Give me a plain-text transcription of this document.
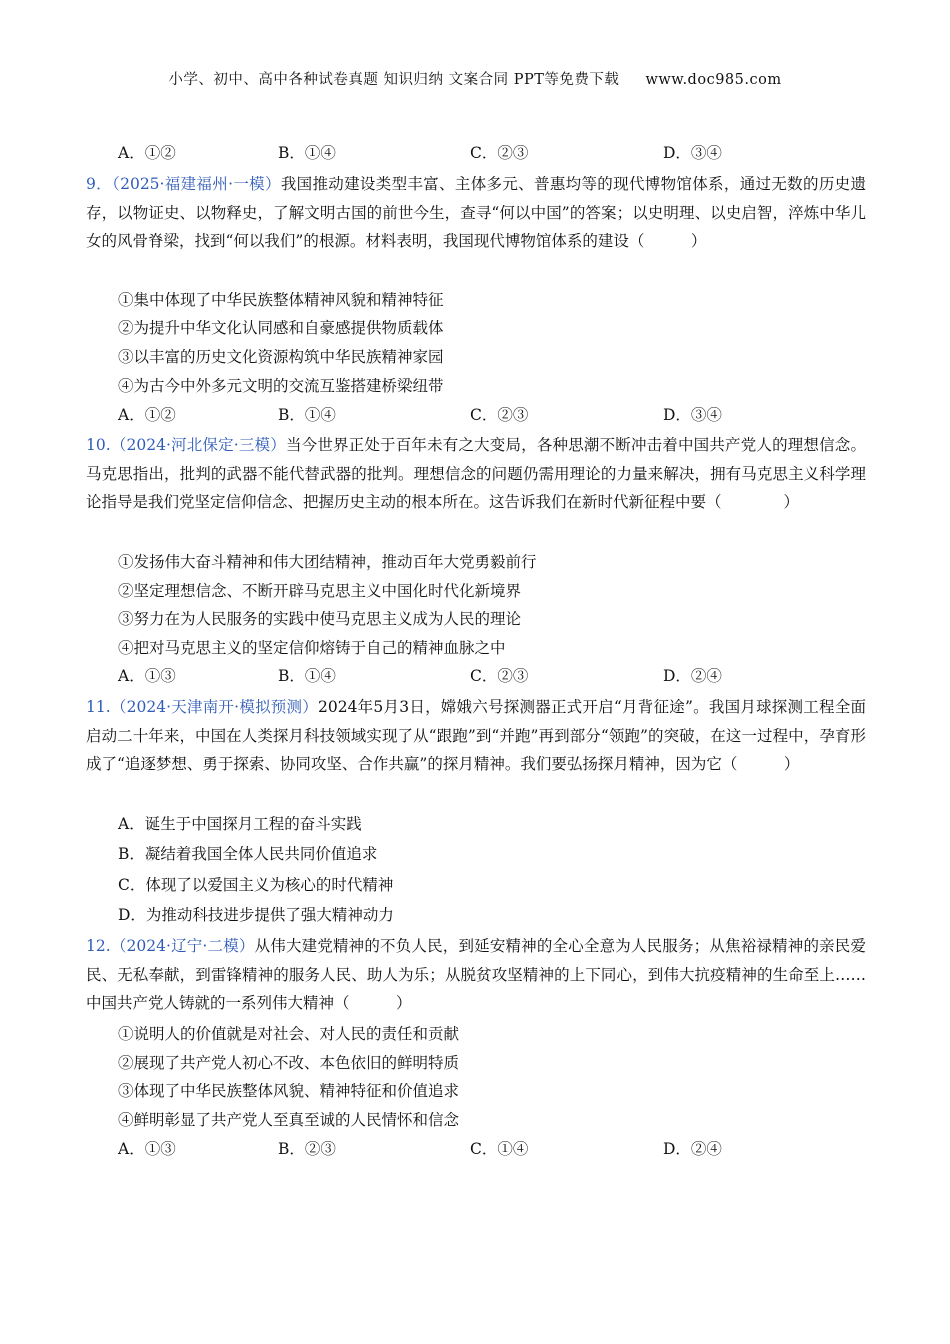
小学、初中、高中各种试卷真题 知识归纳 文案合同 PPT等免费下载 www.doc985.com
A．①②	B．①④	C．②③	D．③④
9．（2025·福建福州·一模）我国推动建设类型丰富、主体多元、普惠均等的现代博物馆体系，通过无数的历史遗存，以物证史、以物释史，了解文明古国的前世今生，查寻“何以中国”的答案；以史明理、以史启智，淬炼中华儿女的风骨脊梁，找到“何以我们”的根源。材料表明，我国现代博物馆体系的建设（　　　）
①集中体现了中华民族整体精神风貌和精神特征
②为提升中华文化认同感和自豪感提供物质载体
③以丰富的历史文化资源构筑中华民族精神家园
④为古今中外多元文明的交流互鉴搭建桥梁纽带
A．①②	B．①④	C．②③	D．③④
10.（2024·河北保定·三模）当今世界正处于百年未有之大变局，各种思潮不断冲击着中国共产党人的理想信念。马克思指出，批判的武器不能代替武器的批判。理想信念的问题仍需用理论的力量来解决，拥有马克思主义科学理论指导是我们党坚定信仰信念、把握历史主动的根本所在。这告诉我们在新时代新征程中要（　　　　）
①发扬伟大奋斗精神和伟大团结精神，推动百年大党勇毅前行
②坚定理想信念、不断开辟马克思主义中国化时代化新境界
③努力在为人民服务的实践中使马克思主义成为人民的理论
④把对马克思主义的坚定信仰熔铸于自己的精神血脉之中
A．①③	B．①④	C．②③	D．②④
11.（2024·天津南开·模拟预测）2024年5月3日，嫦娥六号探测器正式开启“月背征途”。我国月球探测工程全面启动二十年来，中国在人类探月科技领域实现了从“跟跑”到“并跑”再到部分“领跑”的突破，在这一过程中，孕育形成了“追逐梦想、勇于探索、协同攻坚、合作共赢”的探月精神。我们要弘扬探月精神，因为它（　　　）
A．诞生于中国探月工程的奋斗实践
B．凝结着我国全体人民共同价值追求
C．体现了以爱国主义为核心的时代精神
D．为推动科技进步提供了强大精神动力
12.（2024·辽宁·二模）从伟大建党精神的不负人民，到延安精神的全心全意为人民服务；从焦裕禄精神的亲民爱民、无私奉献，到雷锋精神的服务人民、助人为乐；从脱贫攻坚精神的上下同心，到伟大抗疫精神的生命至上……中国共产党人铸就的一系列伟大精神（　　　）
①说明人的价值就是对社会、对人民的责任和贡献
②展现了共产党人初心不改、本色依旧的鲜明特质
③体现了中华民族整体风貌、精神特征和价值追求
④鲜明彰显了共产党人至真至诚的人民情怀和信念
A．①③	B．②③	C．①④	D．②④
